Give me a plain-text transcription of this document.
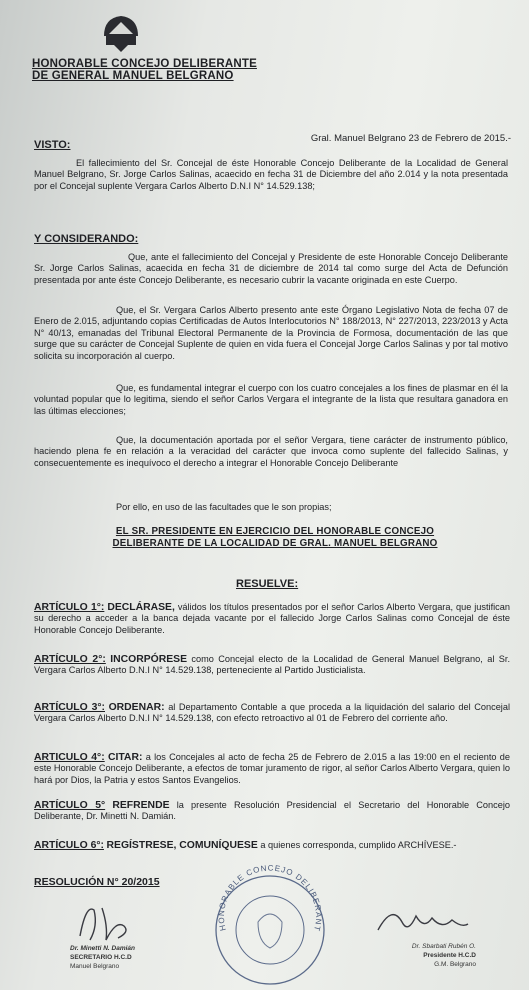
HONORABLE CONCEJO DELIBERANTE
DE GENERAL MANUEL BELGRANO
Gral. Manuel Belgrano 23 de Febrero de 2015.-
VISTO:
El fallecimiento del Sr. Concejal de éste Honorable Concejo Deliberante de la Localidad de General Manuel Belgrano, Sr. Jorge Carlos Salinas, acaecido en fecha 31 de Diciembre del año 2.014 y la nota presentada por el Concejal suplente Vergara Carlos Alberto D.N.I N° 14.529.138;
Y CONSIDERANDO:
Que, ante el fallecimiento del Concejal y Presidente de este Honorable Concejo Deliberante Sr. Jorge Carlos Salinas, acaecida en fecha 31 de diciembre de 2014 tal como surge del Acta de Defunción presentada por ante éste Concejo Deliberante, es necesario cubrir la vacante originada en este Cuerpo.
Que, el Sr. Vergara Carlos Alberto presento ante este Órgano Legislativo Nota de fecha 07 de Enero de 2.015, adjuntando copias Certificadas de Autos Interlocutorios N° 188/2013, N° 227/2013, 223/2013 y Acta N° 40/13, emanadas del Tribunal Electoral Permanente de la Provincia de Formosa, documentación de las que surge que su carácter de Concejal Suplente de quien en vida fuera el Concejal Jorge Carlos Salinas y por tal motivo solicita su incorporación al cuerpo.
Que, es fundamental integrar el cuerpo con los cuatro concejales a los fines de plasmar en él la voluntad popular que lo legitima, siendo el señor Carlos Vergara el integrante de la lista que resultara ganadora en las últimas elecciones;
Que, la documentación aportada por el señor Vergara, tiene carácter de instrumento público, haciendo plena fe en relación a la veracidad del carácter que invoca como suplente del fallecido Salinas, y consecuentemente es inequívoco el derecho a integrar el Honorable Concejo Deliberante
Por ello, en uso de las facultades que le son propias;
EL SR. PRESIDENTE EN EJERCICIO DEL HONORABLE CONCEJO
DELIBERANTE DE LA LOCALIDAD DE GRAL. MANUEL BELGRANO
RESUELVE:
ARTÍCULO 1°: DECLÁRASE, válidos los títulos presentados por el señor Carlos Alberto Vergara, que justifican su derecho a acceder a la banca dejada vacante por el fallecido Jorge Carlos Salinas como Concejal de éste Honorable Concejo Deliberante.
ARTÍCULO 2°: INCORPÓRESE como Concejal electo de la Localidad de General Manuel Belgrano, al Sr. Vergara Carlos Alberto D.N.I N° 14.529.138, perteneciente al Partido Justicialista.
ARTÍCULO 3°: ORDENAR: al Departamento Contable a que proceda a la liquidación del salario del Concejal Vergara Carlos Alberto D.N.I N° 14.529.138, con efecto retroactivo al 01 de Febrero del corriente año.
ARTICULO 4°: CITAR: a los Concejales al acto de fecha 25 de Febrero de 2.015 a las 19:00 en el reciento de este Honorable Concejo Deliberante, a efectos de tomar juramento de rigor, al señor Carlos Alberto Vergara, quien lo hará por Dios, la Patria y estos Santos Evangelios.
ARTÍCULO 5° REFRENDE la presente Resolución Presidencial el Secretario del Honorable Concejo Deliberante, Dr. Minetti N. Damián.
ARTÍCULO 6°: REGÍSTRESE, COMUNÍQUESE a quienes corresponda, cumplido ARCHÍVESE.-
RESOLUCIÓN N° 20/2015
Dr. Minetti N. Damián
SECRETARIO H.C.D
Manuel Belgrano
HONORABLE CONCEJO DELIBERANT
Dr. Sbarbati Rubén O.
Presidente H.C.D
G.M. Belgrano
